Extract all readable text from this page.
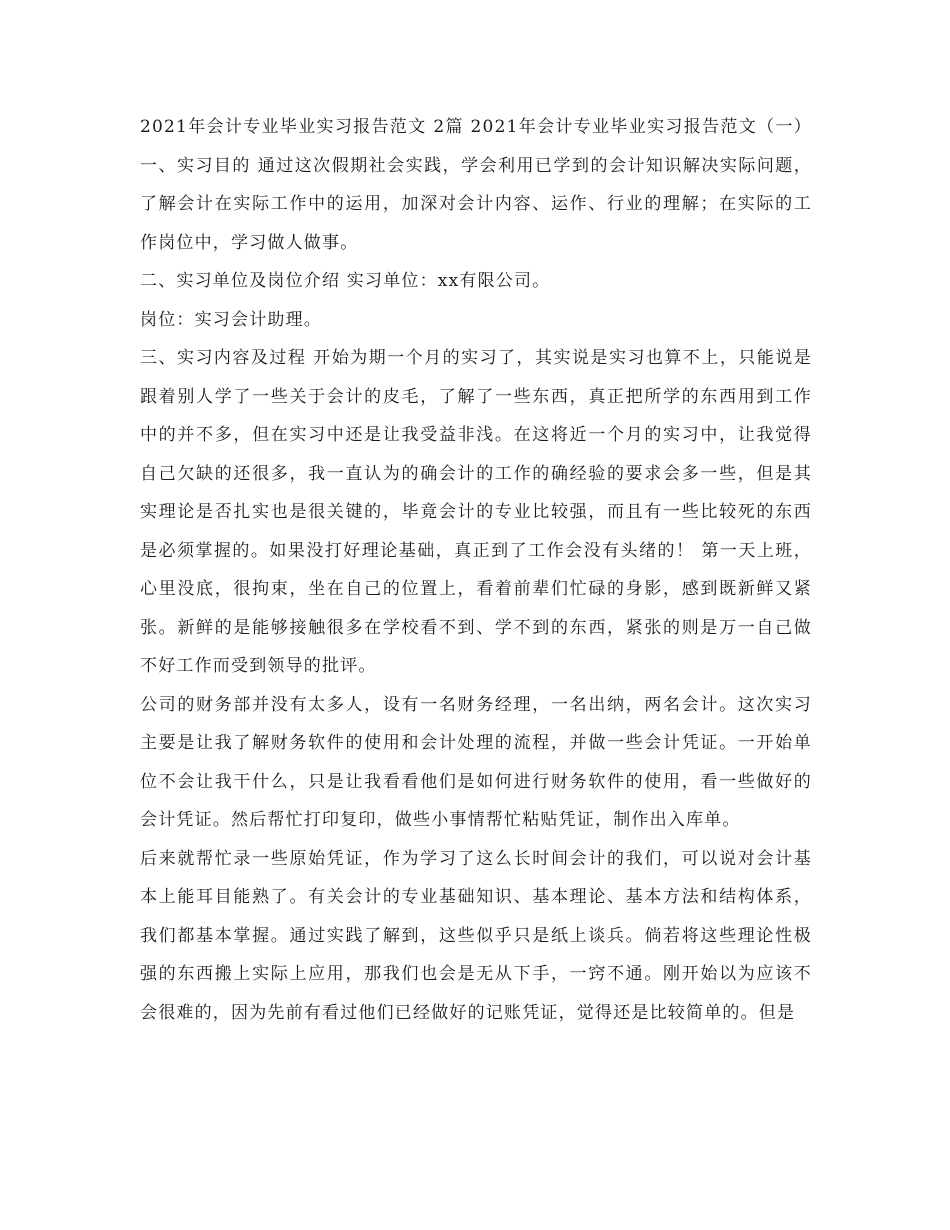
2021年会计专业毕业实习报告范文 2篇 2021年会计专业毕业实习报告范文（一） 一、实习目的 通过这次假期社会实践，学会利用已学到的会计知识解决实际问题，了解会计在实际工作中的运用，加深对会计内容、运作、行业的理解；在实际的工作岗位中，学习做人做事。

二、实习单位及岗位介绍 实习单位：xx有限公司。

岗位：实习会计助理。

三、实习内容及过程 开始为期一个月的实习了，其实说是实习也算不上，只能说是跟着别人学了一些关于会计的皮毛，了解了一些东西，真正把所学的东西用到工作中的并不多，但在实习中还是让我受益非浅。在这将近一个月的实习中，让我觉得自己欠缺的还很多，我一直认为的确会计的工作的确经验的要求会多一些，但是其实理论是否扎实也是很关键的，毕竟会计的专业比较强，而且有一些比较死的东西是必须掌握的。如果没打好理论基础，真正到了工作会没有头绪的！ 第一天上班，心里没底，很拘束，坐在自己的位置上，看着前辈们忙碌的身影，感到既新鲜又紧张。新鲜的是能够接触很多在学校看不到、学不到的东西，紧张的则是万一自己做不好工作而受到领导的批评。

公司的财务部并没有太多人，设有一名财务经理，一名出纳，两名会计。这次实习主要是让我了解财务软件的使用和会计处理的流程，并做一些会计凭证。一开始单位不会让我干什么，只是让我看看他们是如何进行财务软件的使用，看一些做好的会计凭证。然后帮忙打印复印，做些小事情帮忙粘贴凭证，制作出入库单。

后来就帮忙录一些原始凭证，作为学习了这么长时间会计的我们，可以说对会计基本上能耳目能熟了。有关会计的专业基础知识、基本理论、基本方法和结构体系，我们都基本掌握。通过实践了解到，这些似乎只是纸上谈兵。倘若将这些理论性极强的东西搬上实际上应用，那我们也会是无从下手，一窍不通。刚开始以为应该不会很难的，因为先前有看过他们已经做好的记账凭证，觉得还是比较简单的。但是
